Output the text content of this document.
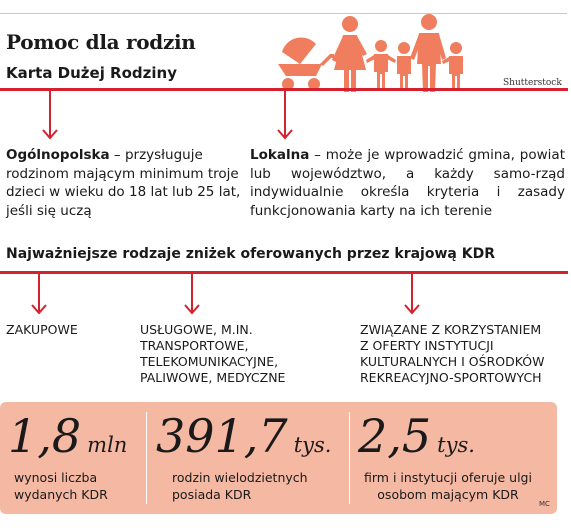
Pomoc dla rodzin
Karta Dużej Rodziny
Shutterstock
Ogólnopolska – przysługuje rodzinom mającym minimum troje dzieci w wieku do 18 lat lub 25 lat, jeśli się uczą
Lokalna – może je wprowadzić gmina, powiat lub województwo, a każdy samo-rząd indywidualnie określa kryteria i zasady funkcjonowania karty na ich terenie
Najważniejsze rodzaje zniżek oferowanych przez krajową KDR
ZAKUPOWE	USŁUGOWE, M.IN.
TRANSPORTOWE,
TELEKOMUNIKACYJNE,
PALIWOWE, MEDYCZNE
ZWIĄZANE Z KORZYSTANIEM
Z OFERTY INSTYTUCJI
KULTURALNYCH I OŚRODKÓW
REKREACYJNO-SPORTOWYCH
1,8 mln
wynosi liczba
wydanych KDR
391,7 tys.
rodzin wielodzietnych
posiada KDR
2,5 tys.
firm i instytucji oferuje ulgi
osobom mającym KDR
MC
